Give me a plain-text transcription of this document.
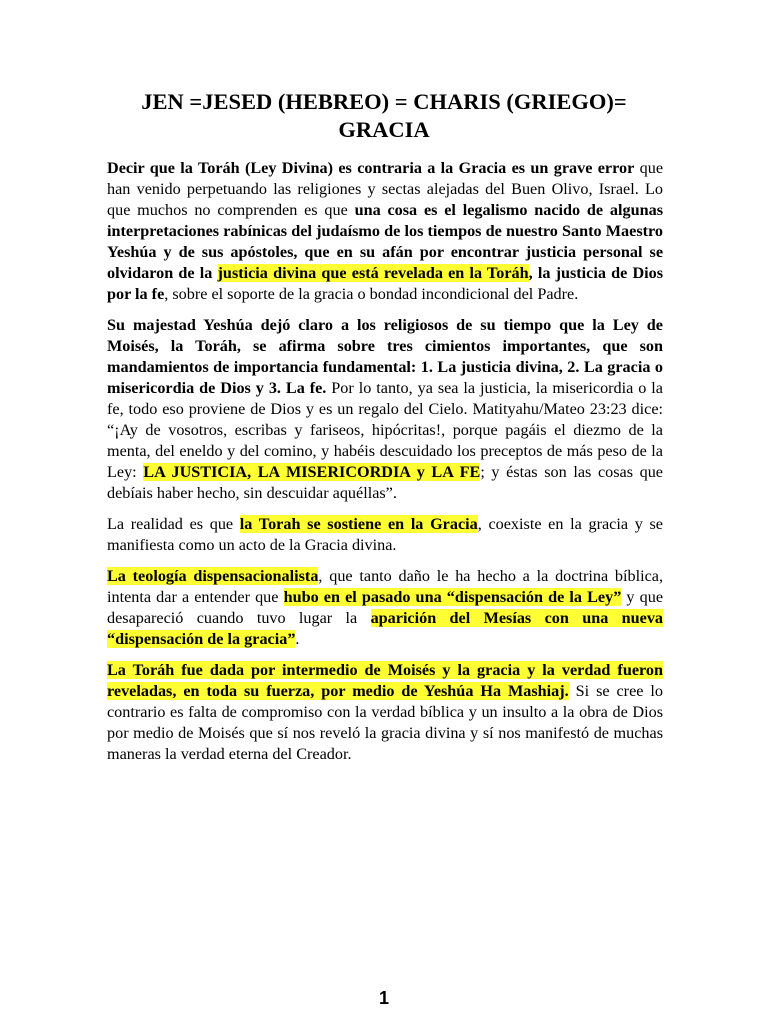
JEN =JESED (HEBREO) = CHARIS (GRIEGO)=
GRACIA

Decir que la Toráh (Ley Divina) es contraria a la Gracia es un grave error que han venido perpetuando las religiones y sectas alejadas del Buen Olivo, Israel. Lo que muchos no comprenden es que una cosa es el legalismo nacido de algunas interpretaciones rabínicas del judaísmo de los tiempos de nuestro Santo Maestro Yeshúa y de sus apóstoles, que en su afán por encontrar justicia personal se olvidaron de la justicia divina que está revelada en la Toráh, la justicia de Dios por la fe, sobre el soporte de la gracia o bondad incondicional del Padre.

Su majestad Yeshúa dejó claro a los religiosos de su tiempo que la Ley de Moisés, la Toráh, se afirma sobre tres cimientos importantes, que son mandamientos de importancia fundamental: 1. La justicia divina, 2. La gracia o misericordia de Dios y 3. La fe. Por lo tanto, ya sea la justicia, la misericordia o la fe, todo eso proviene de Dios y es un regalo del Cielo. Matityahu/Mateo 23:23 dice: “¡Ay de vosotros, escribas y fariseos, hipócritas!, porque pagáis el diezmo de la menta, del eneldo y del comino, y habéis descuidado los preceptos de más peso de la Ley: LA JUSTICIA, LA MISERICORDIA y LA FE; y éstas son las cosas que debíais haber hecho, sin descuidar aquéllas”.

La realidad es que la Torah se sostiene en la Gracia, coexiste en la gracia y se manifiesta como un acto de la Gracia divina.

La teología dispensacionalista, que tanto daño le ha hecho a la doctrina bíblica, intenta dar a entender que hubo en el pasado una “dispensación de la Ley” y que desapareció cuando tuvo lugar la aparición del Mesías con una nueva “dispensación de la gracia”.

La Toráh fue dada por intermedio de Moisés y la gracia y la verdad fueron reveladas, en toda su fuerza, por medio de Yeshúa Ha Mashiaj. Si se cree lo contrario es falta de compromiso con la verdad bíblica y un insulto a la obra de Dios por medio de Moisés que sí nos reveló la gracia divina y sí nos manifestó de muchas maneras la verdad eterna del Creador.

1
